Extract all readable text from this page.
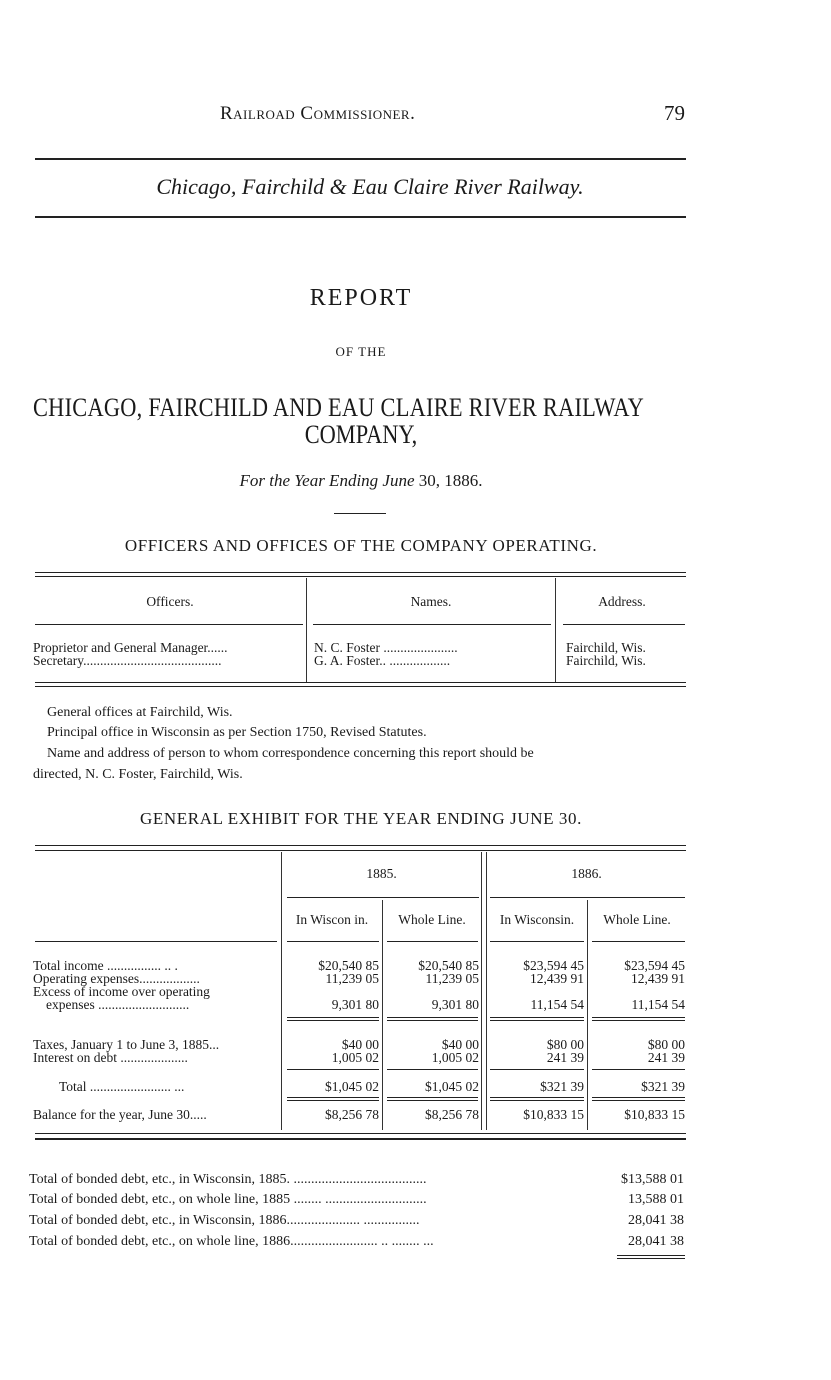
Railroad Commissioner.	79
Chicago, Fairchild & Eau Claire River Railway.
REPORT
OF THE
CHICAGO, FAIRCHILD AND EAU CLAIRE RIVER RAILWAY
COMPANY,
For the Year Ending June 30, 1886.
OFFICERS AND OFFICES OF THE COMPANY OPERATING.
Officers.	Names.	Address.
Proprietor and General Manager......	N. C. Foster ......................	Fairchild, Wis.
Secretary.........................................	G. A. Foster.. ..................	Fairchild, Wis.
General offices at Fairchild, Wis.
Principal office in Wisconsin as per Section 1750, Revised Statutes.
Name and address of person to whom correspondence concerning this report should be
directed, N. C. Foster, Fairchild, Wis.
GENERAL EXHIBIT FOR THE YEAR ENDING JUNE 30.
1885.	1886.
In Wiscon in.	Whole Line.	In Wisconsin.	Whole Line.
Total income ................ .. .	$20,540 85	$20,540 85	$23,594 45	$23,594 45
Operating expenses..................	11,239 05	11,239 05	12,439 91	12,439 91
Excess of income over operating
expenses ...........................	9,301 80	9,301 80	11,154 54	11,154 54
Taxes, January 1 to June 3, 1885...	$40 00	$40 00	$80 00	$80 00
Interest on debt ....................	1,005 02	1,005 02	241 39	241 39
Total ........................ ...	$1,045 02	$1,045 02	$321 39	$321 39
Balance for the year, June 30.....	$8,256 78	$8,256 78	$10,833 15	$10,833 15
Total of bonded debt, etc., in Wisconsin, 1885. ......................................	$13,588 01
Total of bonded debt, etc., on whole line, 1885 ........ .............................	13,588 01
Total of bonded debt, etc., in Wisconsin, 1886..................... ................	28,041 38
Total of bonded debt, etc., on whole line, 1886......................... .. ........ ...	28,041 38
